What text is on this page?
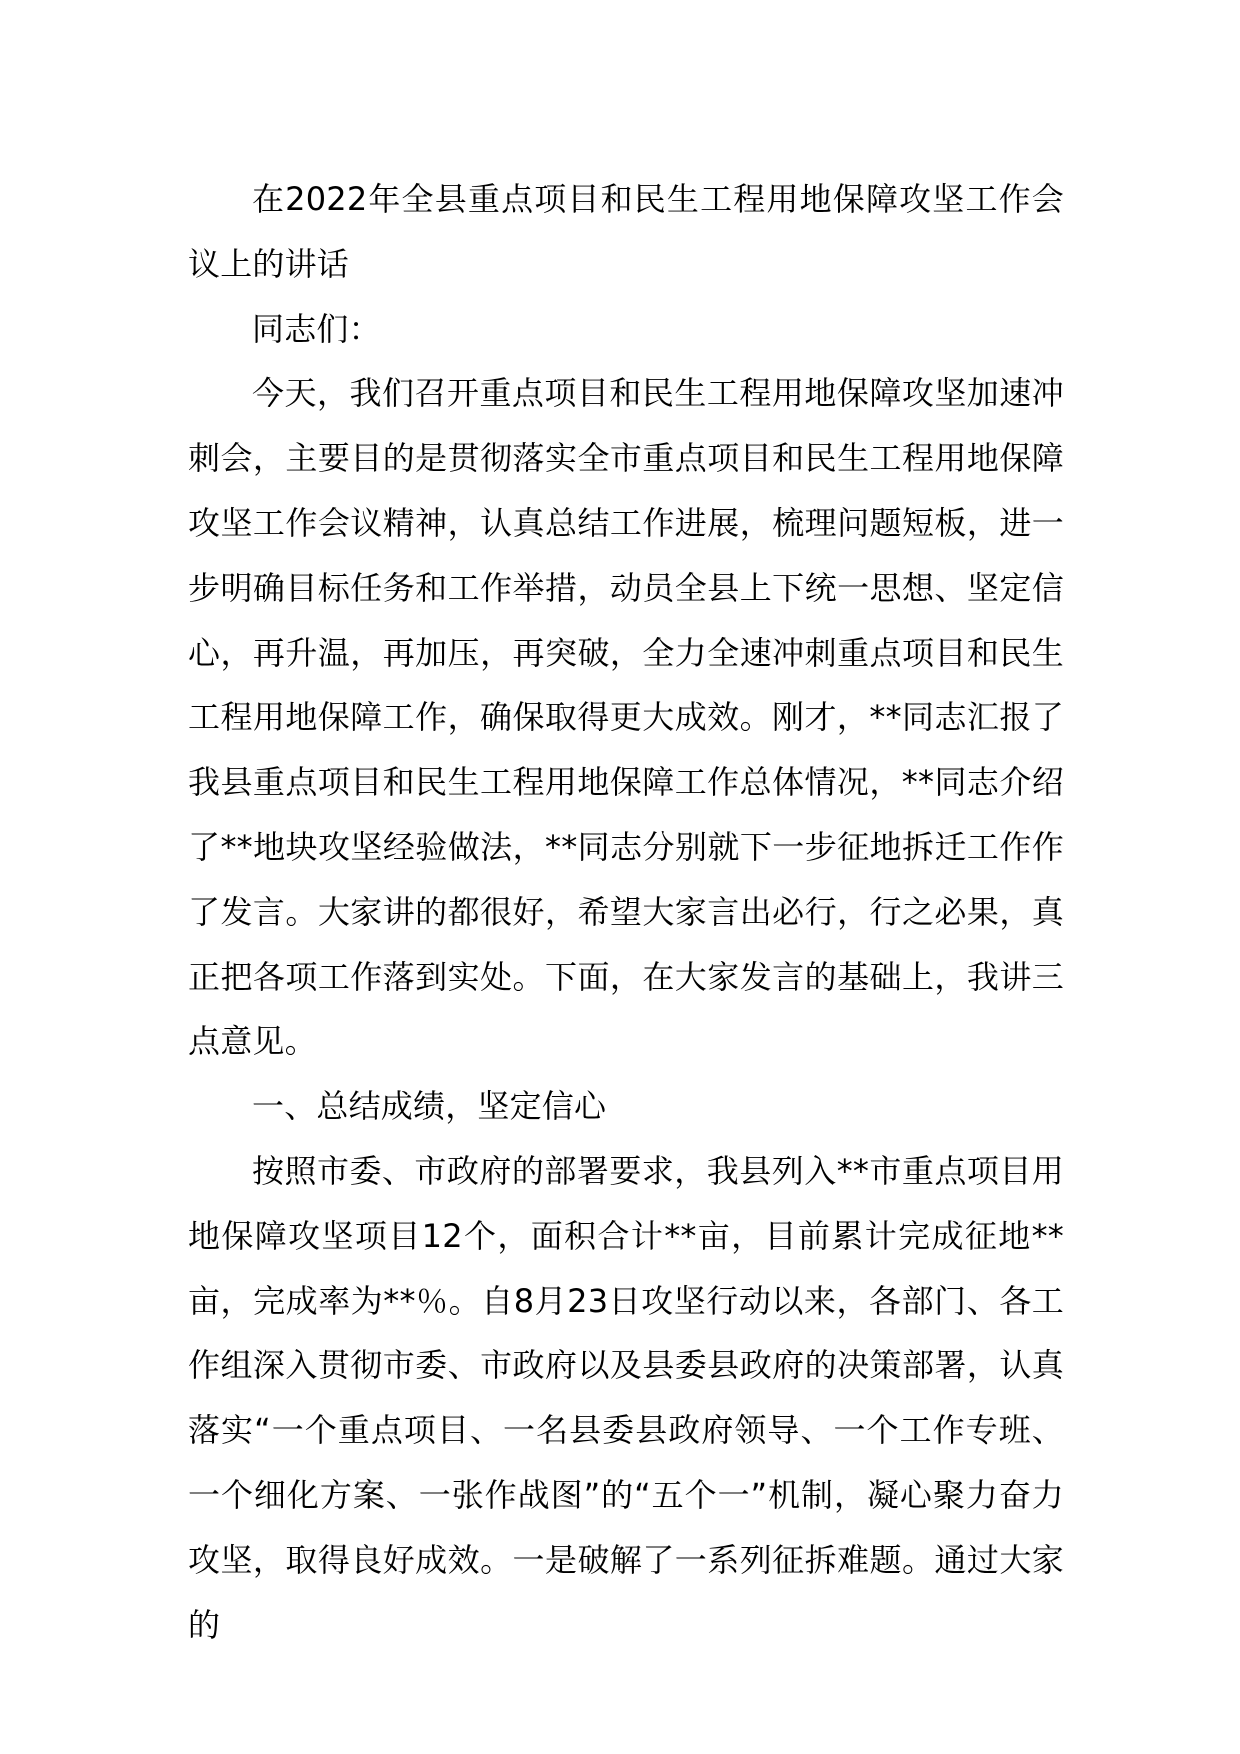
在2022年全县重点项目和民生工程用地保障攻坚工作会议上的讲话

同志们：

今天，我们召开重点项目和民生工程用地保障攻坚加速冲刺会，主要目的是贯彻落实全市重点项目和民生工程用地保障攻坚工作会议精神，认真总结工作进展，梳理问题短板，进一步明确目标任务和工作举措，动员全县上下统一思想、坚定信心，再升温，再加压，再突破，全力全速冲刺重点项目和民生工程用地保障工作，确保取得更大成效。刚才，**同志汇报了我县重点项目和民生工程用地保障工作总体情况，**同志介绍了**地块攻坚经验做法，**同志分别就下一步征地拆迁工作作了发言。大家讲的都很好，希望大家言出必行，行之必果，真正把各项工作落到实处。下面，在大家发言的基础上，我讲三点意见。

一、总结成绩，坚定信心

按照市委、市政府的部署要求，我县列入**市重点项目用地保障攻坚项目12个，面积合计**亩，目前累计完成征地**亩，完成率为**％。自8月23日攻坚行动以来，各部门、各工作组深入贯彻市委、市政府以及县委县政府的决策部署，认真落实“一个重点项目、一名县委县政府领导、一个工作专班、一个细化方案、一张作战图”的“五个一”机制，凝心聚力奋力攻坚，取得良好成效。一是破解了一系列征拆难题。通过大家的
